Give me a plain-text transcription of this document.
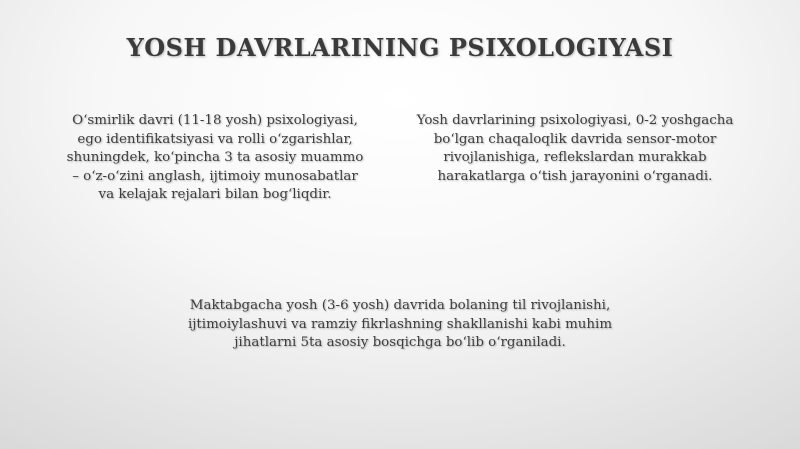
YOSH DAVRLARINING PSIXOLOGIYASI
O‘smirlik davri (11-18 yosh) psixologiyasi,
ego identifikatsiyasi va rolli o‘zgarishlar,
shuningdek, ko‘pincha 3 ta asosiy muammo
– o‘z-o‘zini anglash, ijtimoiy munosabatlar
va kelajak rejalari bilan bog‘liqdir.
Yosh davrlarining psixologiyasi, 0-2 yoshgacha
bo‘lgan chaqaloqlik davrida sensor-motor
rivojlanishiga, reflekslardan murakkab
harakatlarga o‘tish jarayonini o‘rganadi.
Maktabgacha yosh (3-6 yosh) davrida bolaning til rivojlanishi,
ijtimoiylashuvi va ramziy fikrlashning shakllanishi kabi muhim
jihatlarni 5ta asosiy bosqichga bo‘lib o‘rganiladi.
